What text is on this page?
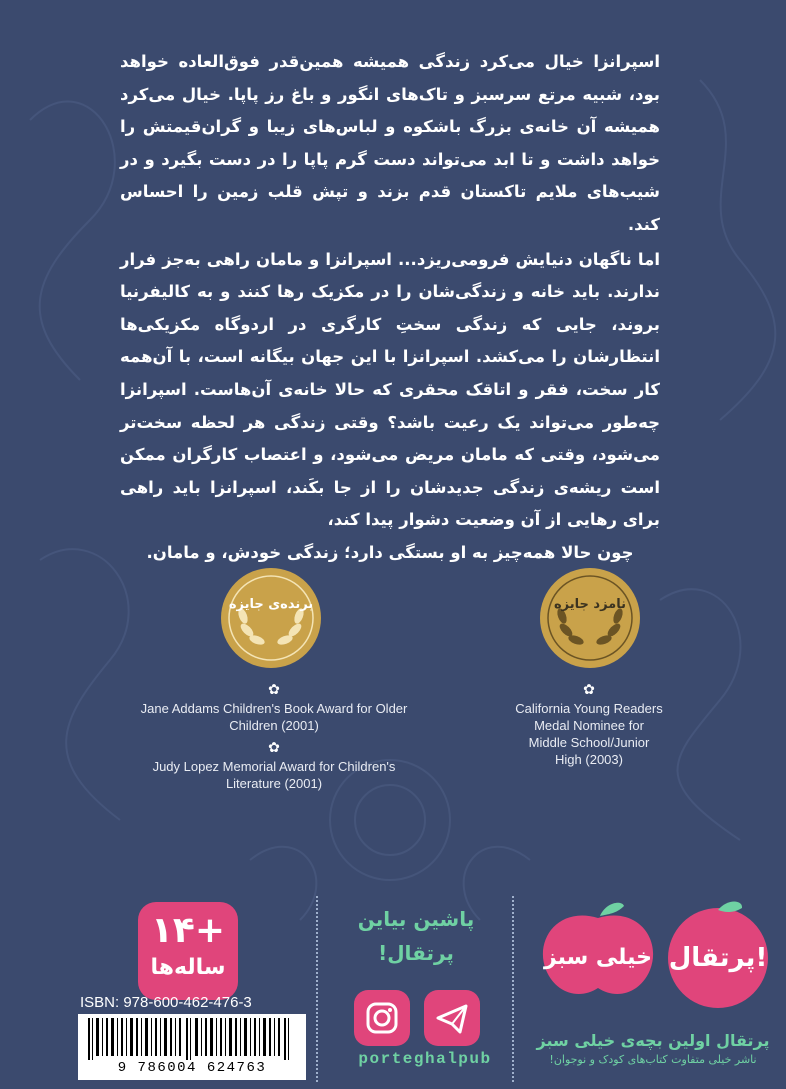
اسپرانزا خیال می‌کرد زندگی همیشه همین‌قدر فوق‌العاده خواهد بود، شبیه مرتع سرسبز و تاک‌های انگور و باغ رز پاپا. خیال می‌کرد همیشه آن خانه‌ی بزرگ باشکوه و لباس‌های زیبا و گران‌قیمتش را خواهد داشت و تا ابد می‌تواند دست گرم پاپا را در دست بگیرد و در شیب‌های ملایم تاکستان قدم بزند و تپش قلب زمین را احساس کند.

اما ناگهان دنیایش فرومی‌ریزد... اسپرانزا و مامان راهی به‌جز فرار ندارند. باید خانه و زندگی‌شان را در مکزیک رها کنند و به کالیفرنیا بروند، جایی که زندگی سختِ کارگری در اردوگاه مکزیکی‌ها انتظارشان را می‌کشد. اسپرانزا با این جهان بیگانه است، با آن‌همه کار سخت، فقر و اتاقک محقری که حالا خانه‌ی آن‌هاست. اسپرانزا چه‌طور می‌تواند یک رعیت باشد؟ وقتی زندگی هر لحظه سخت‌تر می‌شود، وقتی که مامان مریض می‌شود، و اعتصاب کارگران ممکن است ریشه‌ی زندگی جدیدشان را از جا بکَند، اسپرانزا باید راهی برای رهایی از آن وضعیت دشوار پیدا کند،

چون حالا همه‌چیز به او بستگی دارد؛ زندگی خودش، و مامان.

برنده‌ی جایزه	نامزد جایزه
✿
Jane Addams Children's Book Award for Older Children (2001)
✿
Judy Lopez Memorial Award for Children's Literature (2001)
✿
California Young Readers Medal Nominee for Middle School/Junior High (2003)
+۱۴
ساله‌ها
ISBN: 978-600-462-476-3
9 786004 624763
پاشین بیاین
پرتقال!
porteghalpub
پرتقال!
خیلی سبز
پرتقال اولین بچه‌ی خیلی سبز
ناشر خیلی متفاوت کتاب‌های کودک و نوجوان!
